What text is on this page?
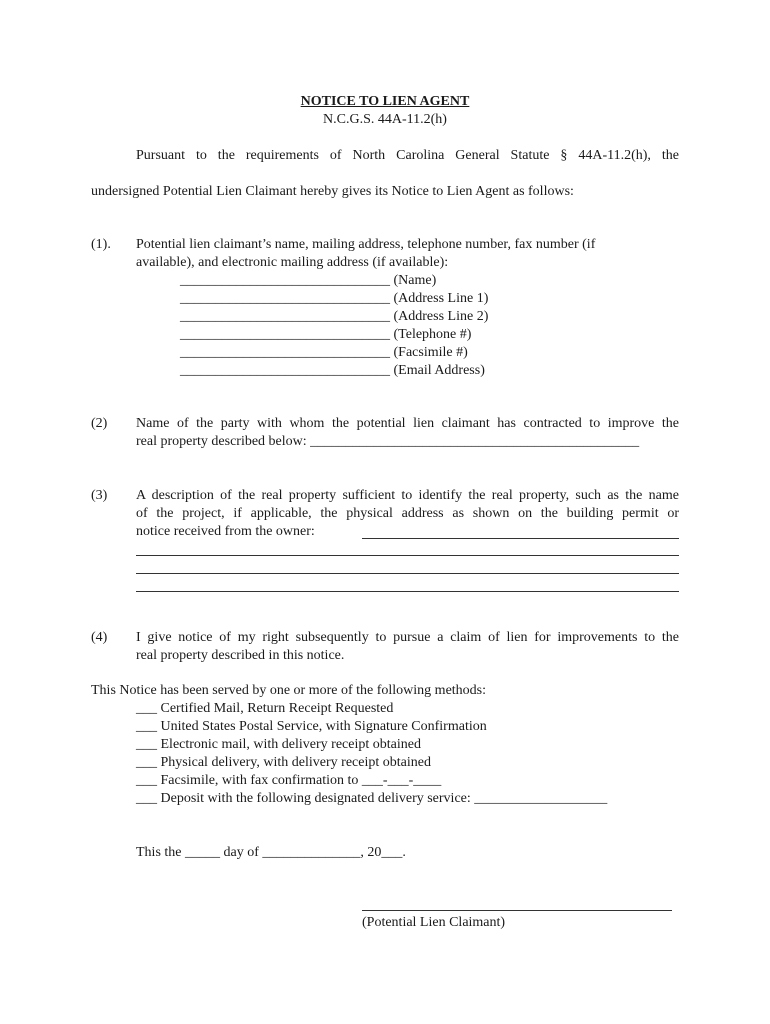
NOTICE TO LIEN AGENT
N.C.G.S. 44A-11.2(h)
Pursuant to the requirements of North Carolina General Statute § 44A-11.2(h), the
undersigned Potential Lien Claimant hereby gives its Notice to Lien Agent as follows:
(1). Potential lien claimant’s name, mailing address, telephone number, fax number (if
available), and electronic mailing address (if available):
______________________________ (Name)
______________________________ (Address Line 1)
______________________________ (Address Line 2)
______________________________ (Telephone #)
______________________________ (Facsimile #)
______________________________ (Email Address)
(2) Name of the party with whom the potential lien claimant has contracted to improve the
real property described below: _______________________________________________
(3) A description of the real property sufficient to identify the real property, such as the name
of the project, if applicable, the physical address as shown on the building permit or
notice received from the owner:
(4) I give notice of my right subsequently to pursue a claim of lien for improvements to the
real property described in this notice.
This Notice has been served by one or more of the following methods:
___ Certified Mail, Return Receipt Requested
___ United States Postal Service, with Signature Confirmation
___ Electronic mail, with delivery receipt obtained
___ Physical delivery, with delivery receipt obtained
___ Facsimile, with fax confirmation to ___-___-____
___ Deposit with the following designated delivery service: ___________________
This the _____ day of ______________, 20___.
(Potential Lien Claimant)
